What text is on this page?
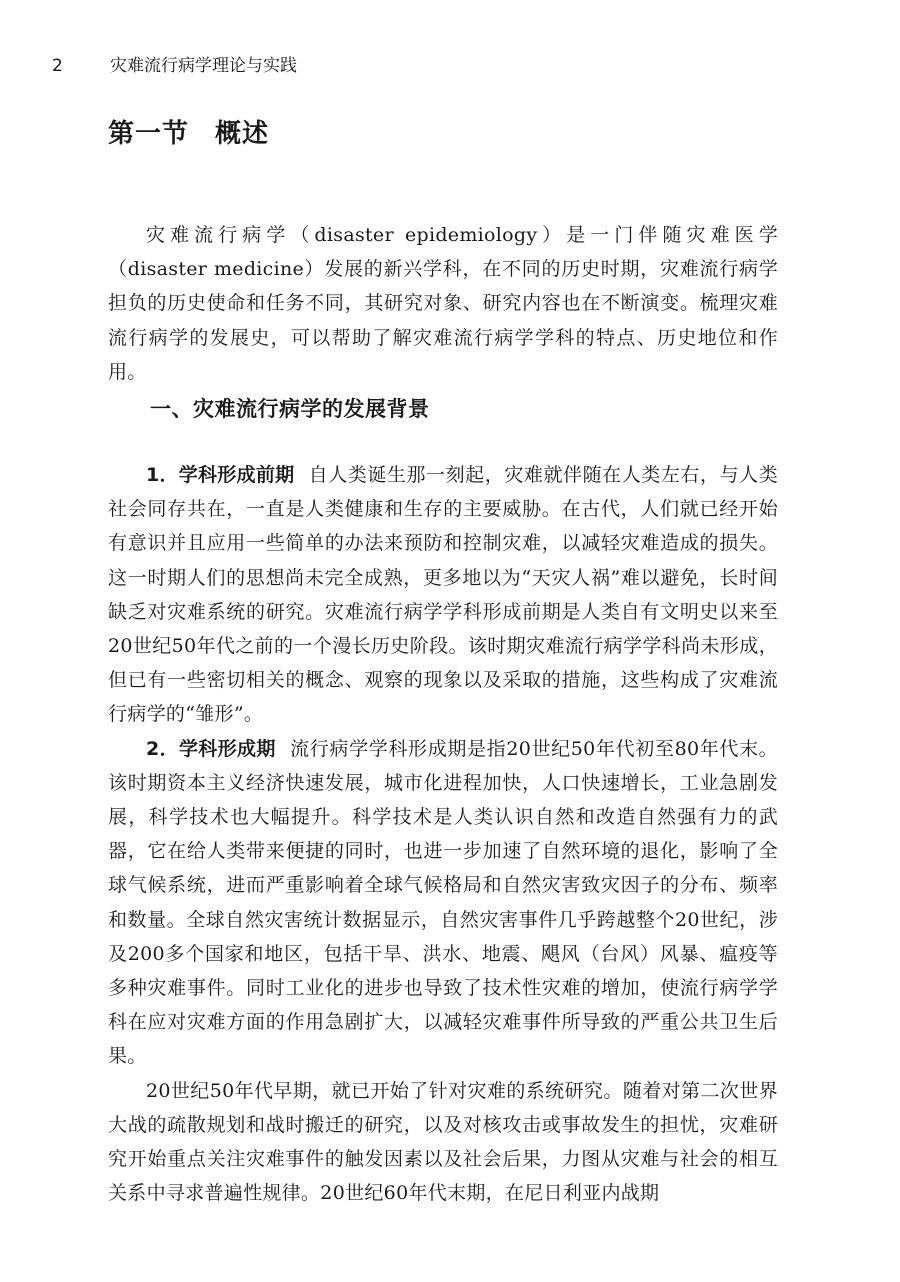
2	灾难流行病学理论与实践
第一节 概述

灾难流行病学（disaster epidemiology）是一门伴随灾难医学（disaster medicine）发展的新兴学科，在不同的历史时期，灾难流行病学担负的历史使命和任务不同，其研究对象、研究内容也在不断演变。梳理灾难流行病学的发展史，可以帮助了解灾难流行病学学科的特点、历史地位和作用。

一、灾难流行病学的发展背景

1．学科形成前期 自人类诞生那一刻起，灾难就伴随在人类左右，与人类社会同存共在，一直是人类健康和生存的主要威胁。在古代，人们就已经开始有意识并且应用一些简单的办法来预防和控制灾难，以减轻灾难造成的损失。这一时期人们的思想尚未完全成熟，更多地以为“天灾人祸”难以避免，长时间缺乏对灾难系统的研究。灾难流行病学学科形成前期是人类自有文明史以来至20世纪50年代之前的一个漫长历史阶段。该时期灾难流行病学学科尚未形成，但已有一些密切相关的概念、观察的现象以及采取的措施，这些构成了灾难流行病学的“雏形”。

2．学科形成期 流行病学学科形成期是指20世纪50年代初至80年代末。该时期资本主义经济快速发展，城市化进程加快，人口快速增长，工业急剧发展，科学技术也大幅提升。科学技术是人类认识自然和改造自然强有力的武器，它在给人类带来便捷的同时，也进一步加速了自然环境的退化，影响了全球气候系统，进而严重影响着全球气候格局和自然灾害致灾因子的分布、频率和数量。全球自然灾害统计数据显示，自然灾害事件几乎跨越整个20世纪，涉及200多个国家和地区，包括干旱、洪水、地震、飓风（台风）风暴、瘟疫等多种灾难事件。同时工业化的进步也导致了技术性灾难的增加，使流行病学学科在应对灾难方面的作用急剧扩大，以减轻灾难事件所导致的严重公共卫生后果。

20世纪50年代早期，就已开始了针对灾难的系统研究。随着对第二次世界大战的疏散规划和战时搬迁的研究，以及对核攻击或事故发生的担忧，灾难研究开始重点关注灾难事件的触发因素以及社会后果，力图从灾难与社会的相互关系中寻求普遍性规律。20世纪60年代末期，在尼日利亚内战期
